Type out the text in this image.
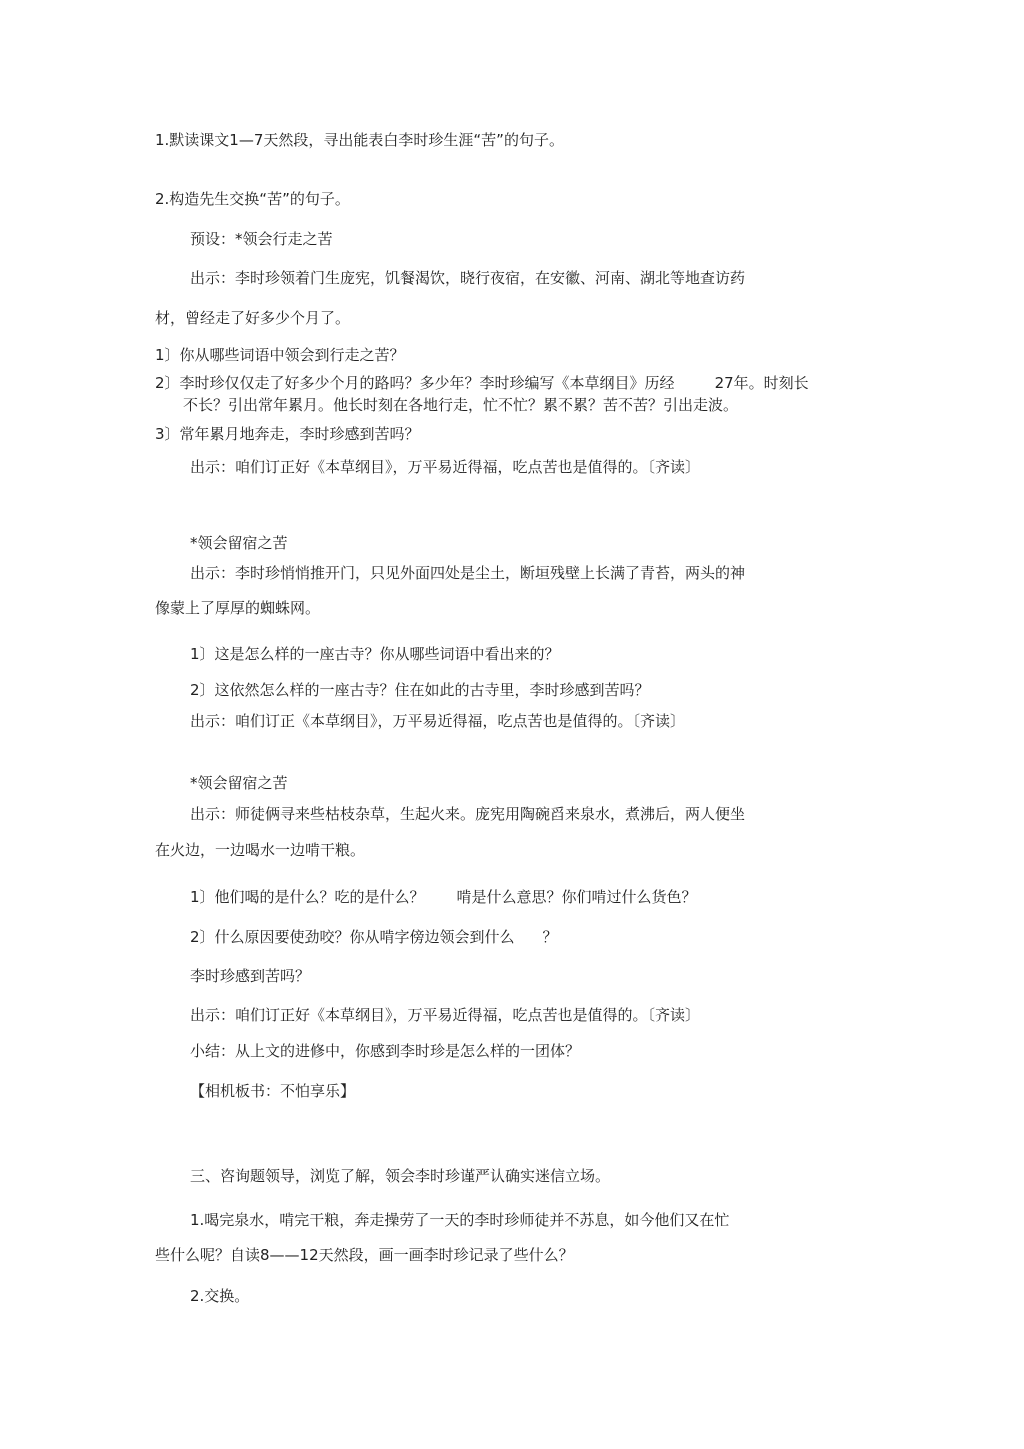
1.默读课文1—7天然段，寻出能表白李时珍生涯“苦”的句子。
2.构造先生交换“苦”的句子。
预设：*领会行走之苦
出示：李时珍领着门生庞宪，饥餐渴饮，晓行夜宿，在安徽、河南、湖北等地查访药
材，曾经走了好多少个月了。
1〕你从哪些词语中领会到行走之苦？
2〕李时珍仅仅走了好多少个月的路吗？多少年？李时珍编写《本草纲目》历经	27年。时刻长
不长？引出常年累月。他长时刻在各地行走，忙不忙？累不累？苦不苦？引出走波。
3〕常年累月地奔走，李时珍感到苦吗？
出示：咱们订正好《本草纲目》，万平易近得福，吃点苦也是值得的。〔齐读〕
*领会留宿之苦
出示：李时珍悄悄推开门，只见外面四处是尘土，断垣残壁上长满了青苔，两头的神
像蒙上了厚厚的蜘蛛网。
1〕这是怎么样的一座古寺？你从哪些词语中看出来的？
2〕这依然怎么样的一座古寺？住在如此的古寺里，李时珍感到苦吗？
出示：咱们订正《本草纲目》，万平易近得福，吃点苦也是值得的。〔齐读〕
*领会留宿之苦
出示：师徒俩寻来些枯枝杂草，生起火来。庞宪用陶碗舀来泉水，煮沸后，两人便坐
在火边，一边喝水一边啃干粮。
1〕他们喝的是什么？吃的是什么？ 啃是什么意思？你们啃过什么货色？
2〕什么原因要使劲咬？你从啃字傍边领会到什么 ？
李时珍感到苦吗？
出示：咱们订正好《本草纲目》，万平易近得福，吃点苦也是值得的。〔齐读〕
小结：从上文的进修中，你感到李时珍是怎么样的一团体？
【相机板书：不怕享乐】
三、咨询题领导，浏览了解，领会李时珍谨严认确实迷信立场。
1.喝完泉水，啃完干粮，奔走操劳了一天的李时珍师徒并不苏息，如今他们又在忙
些什么呢？自读8——12天然段，画一画李时珍记录了些什么？
2.交换。
